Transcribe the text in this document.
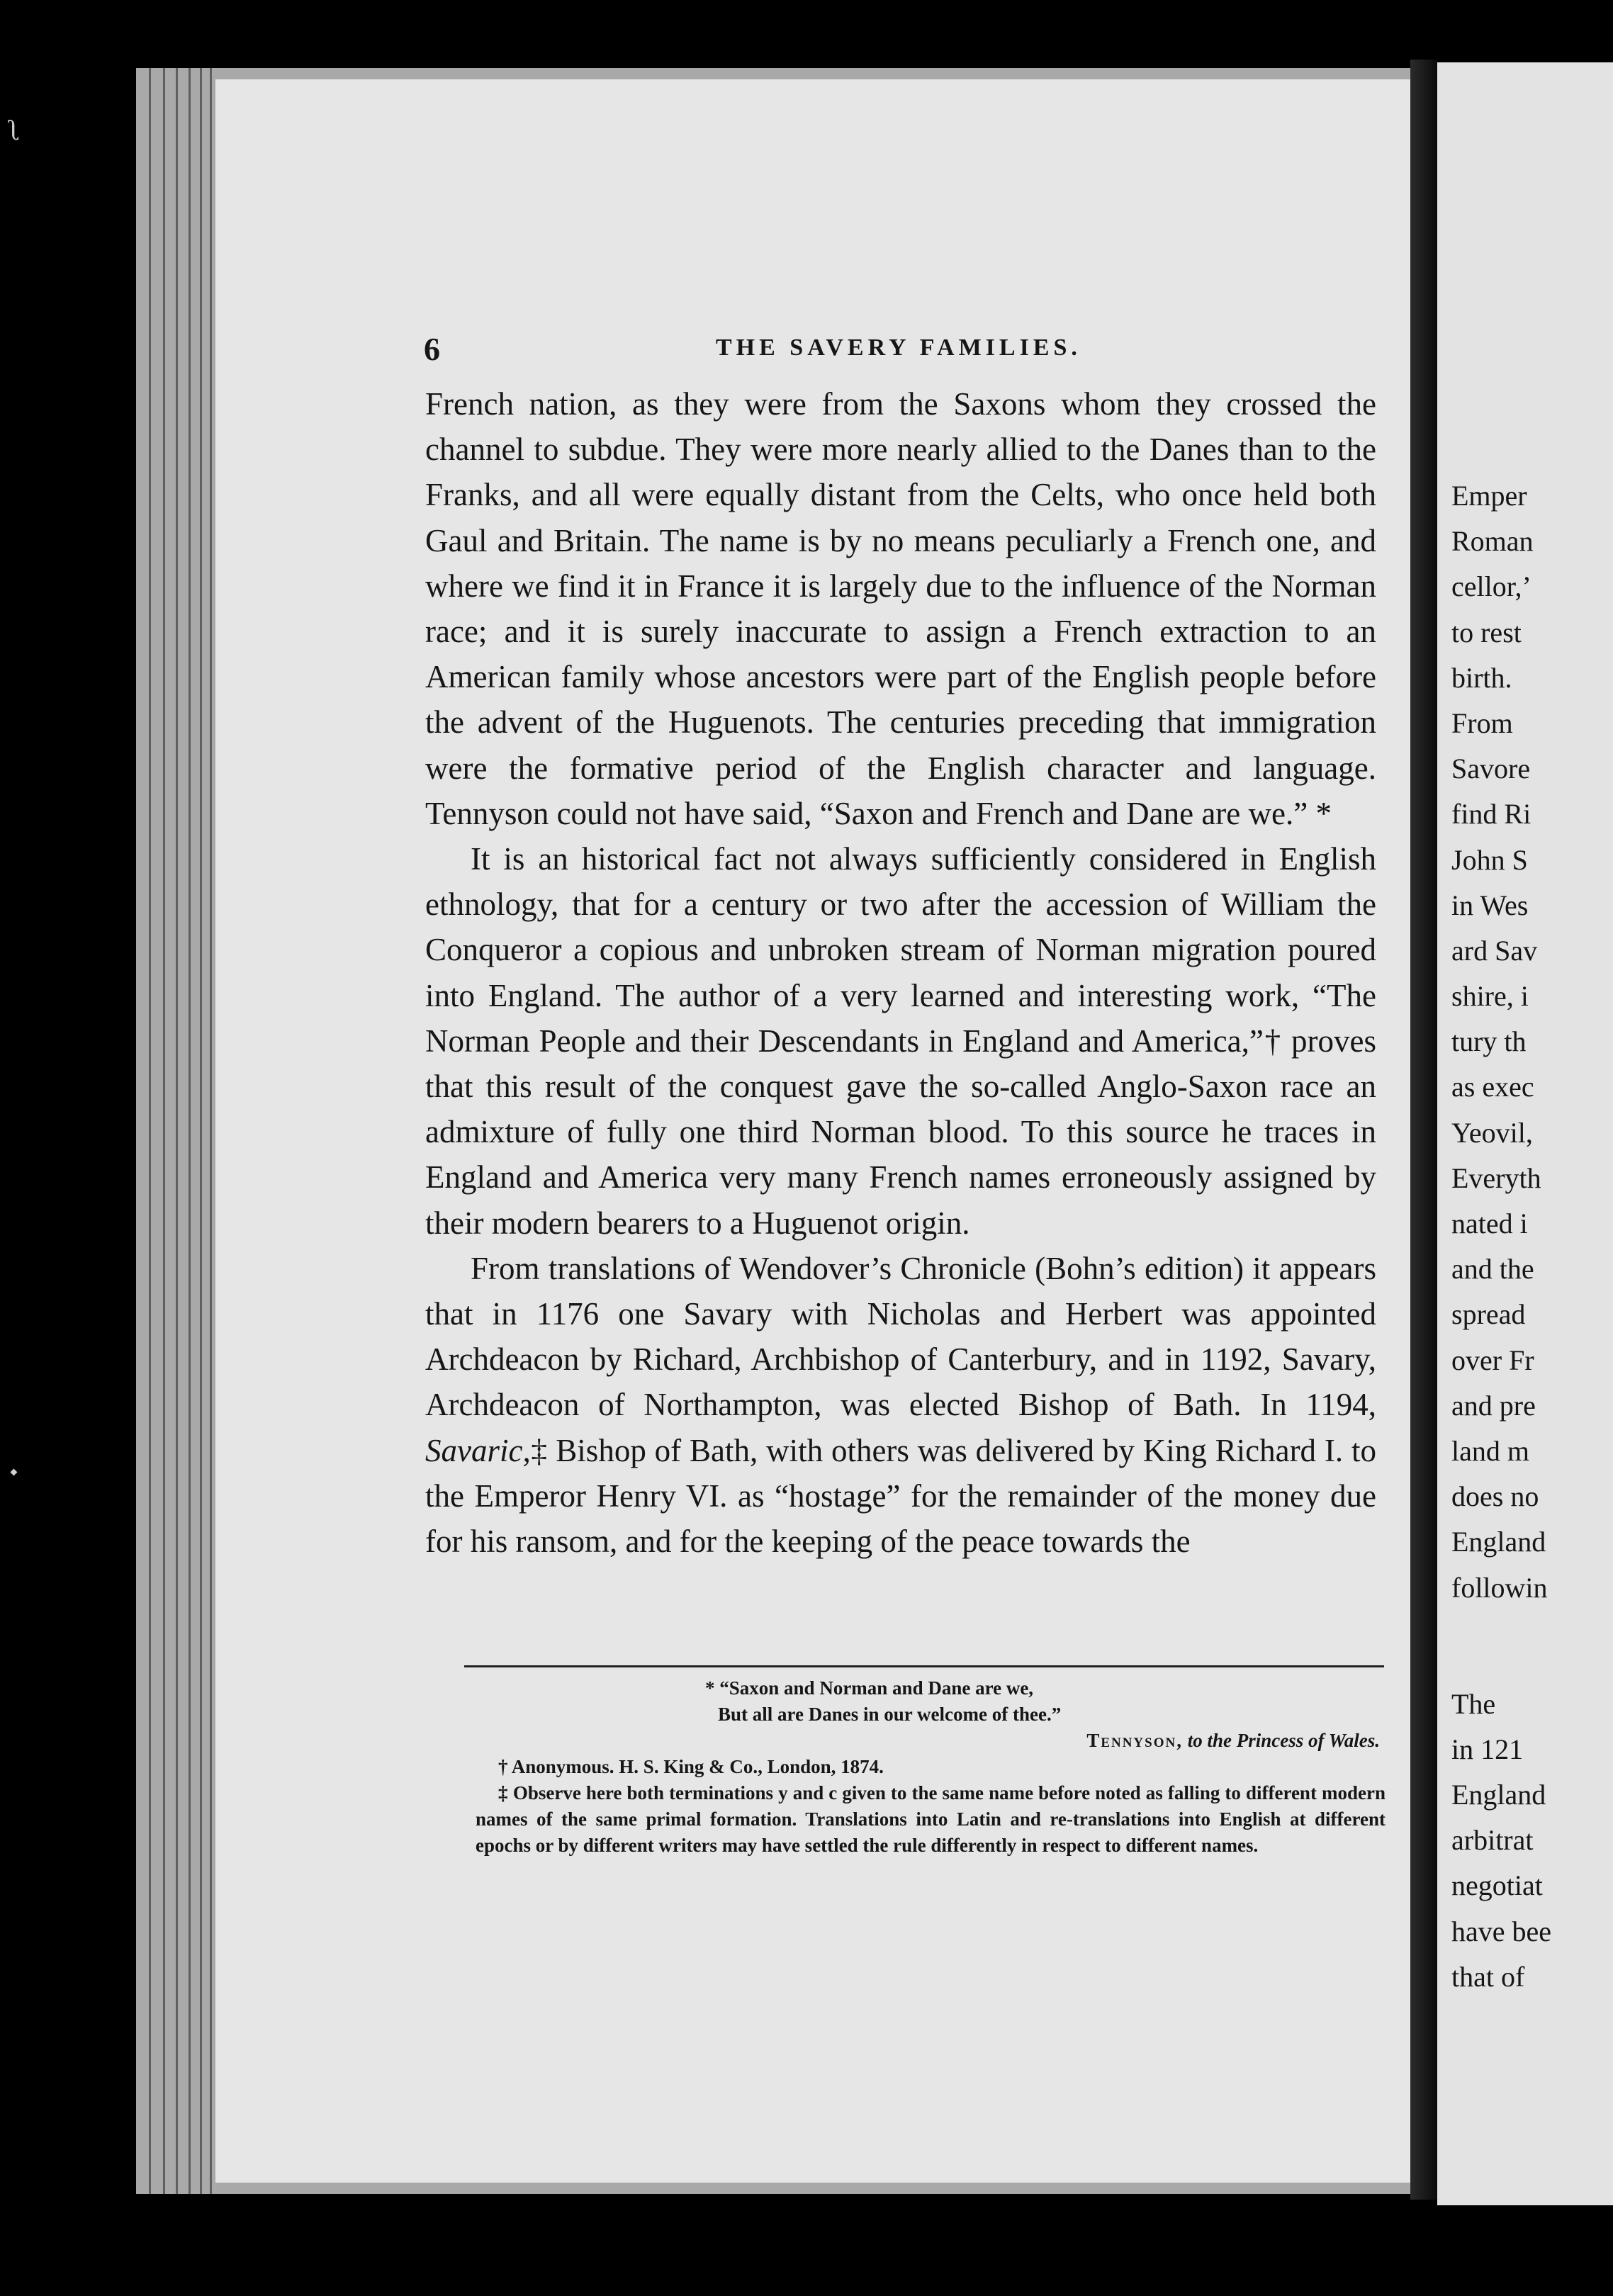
ʅ
⬩
Emper
Roman
cellor,’
to rest
birth.
From
Savore
find Ri
John S
in Wes
ard Sav
shire, i
tury th
as exec
Yeovil,
Everyth
nated i
and the
spread
over Fr
and pre
land m
does no
England
followin
The
in 121
England
arbitrat
negotiat
have bee
that of
6	THE SAVERY FAMILIES.

French nation, as they were from the Saxons whom they crossed the channel to subdue. They were more nearly allied to the Danes than to the Franks, and all were equally distant from the Celts, who once held both Gaul and Britain. The name is by no means peculiarly a French one, and where we find it in France it is largely due to the influence of the Norman race; and it is surely inaccurate to assign a French extraction to an American family whose ancestors were part of the English people before the advent of the Huguenots. The centuries preceding that immigration were the formative period of the English character and language. Tennyson could not have said, “Saxon and French and Dane are we.” *

It is an historical fact not always sufficiently considered in English ethnology, that for a century or two after the accession of William the Conqueror a copious and unbroken stream of Norman migration poured into England. The author of a very learned and interesting work, “The Norman People and their Descendants in England and America,”† proves that this result of the conquest gave the so-called Anglo-Saxon race an admixture of fully one third Norman blood. To this source he traces in England and America very many French names erroneously assigned by their modern bearers to a Huguenot origin.

From translations of Wendover’s Chronicle (Bohn’s edition) it appears that in 1176 one Savary with Nicholas and Herbert was appointed Archdeacon by Richard, Archbishop of Canterbury, and in 1192, Savary, Archdeacon of Northampton, was elected Bishop of Bath. In 1194, Savaric,‡ Bishop of Bath, with others was delivered by King Richard I. to the Emperor Henry VI. as “hostage” for the remainder of the money due for his ransom, and for the keeping of the peace towards the

* “Saxon and Norman and Dane are we,

But all are Danes in our welcome of thee.”

Tennyson, to the Princess of Wales.

† Anonymous. H. S. King & Co., London, 1874.

‡ Observe here both terminations y and c given to the same name before noted as falling to different modern names of the same primal formation. Translations into Latin and re-translations into English at different epochs or by different writers may have settled the rule differently in respect to different names.
